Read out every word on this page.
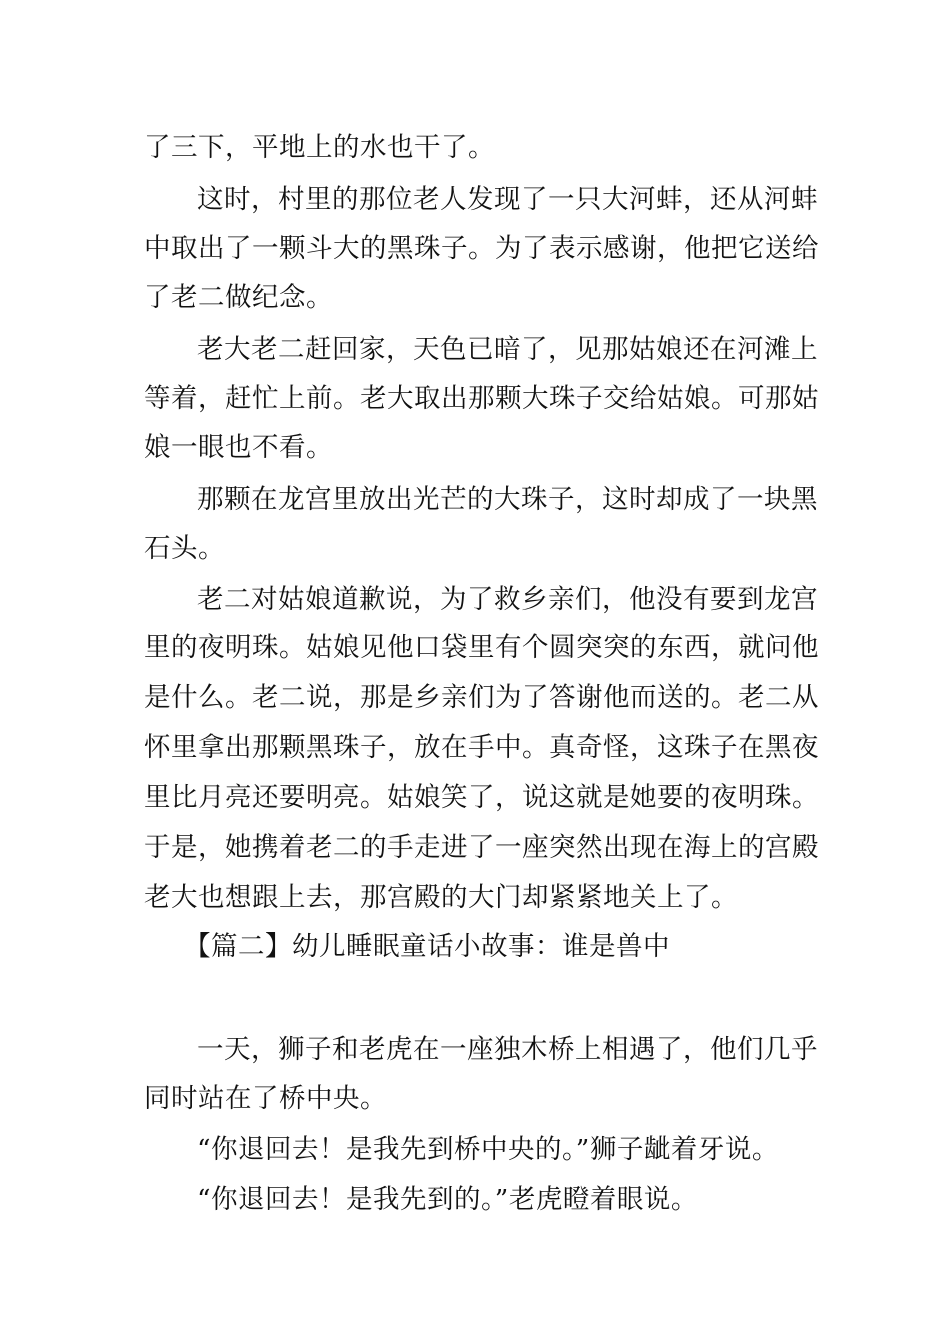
了三下，平地上的水也干了。
这时，村里的那位老人发现了一只大河蚌，还从河蚌
中取出了一颗斗大的黑珠子。为了表示感谢，他把它送给
了老二做纪念。
老大老二赶回家，天色已暗了，见那姑娘还在河滩上
等着，赶忙上前。老大取出那颗大珠子交给姑娘。可那姑
娘一眼也不看。
那颗在龙宫里放出光芒的大珠子，这时却成了一块黑
石头。
老二对姑娘道歉说，为了救乡亲们，他没有要到龙宫
里的夜明珠。姑娘见他口袋里有个圆突突的东西，就问他
是什么。老二说，那是乡亲们为了答谢他而送的。老二从
怀里拿出那颗黑珠子，放在手中。真奇怪，这珠子在黑夜
里比月亮还要明亮。姑娘笑了，说这就是她要的夜明珠。
于是，她携着老二的手走进了一座突然出现在海上的宫殿
老大也想跟上去，那宫殿的大门却紧紧地关上了。
【篇二】幼儿睡眠童话小故事：谁是兽中
一天，狮子和老虎在一座独木桥上相遇了，他们几乎
同时站在了桥中央。
“你退回去！是我先到桥中央的。”狮子龇着牙说。
“你退回去！是我先到的。”老虎瞪着眼说。
